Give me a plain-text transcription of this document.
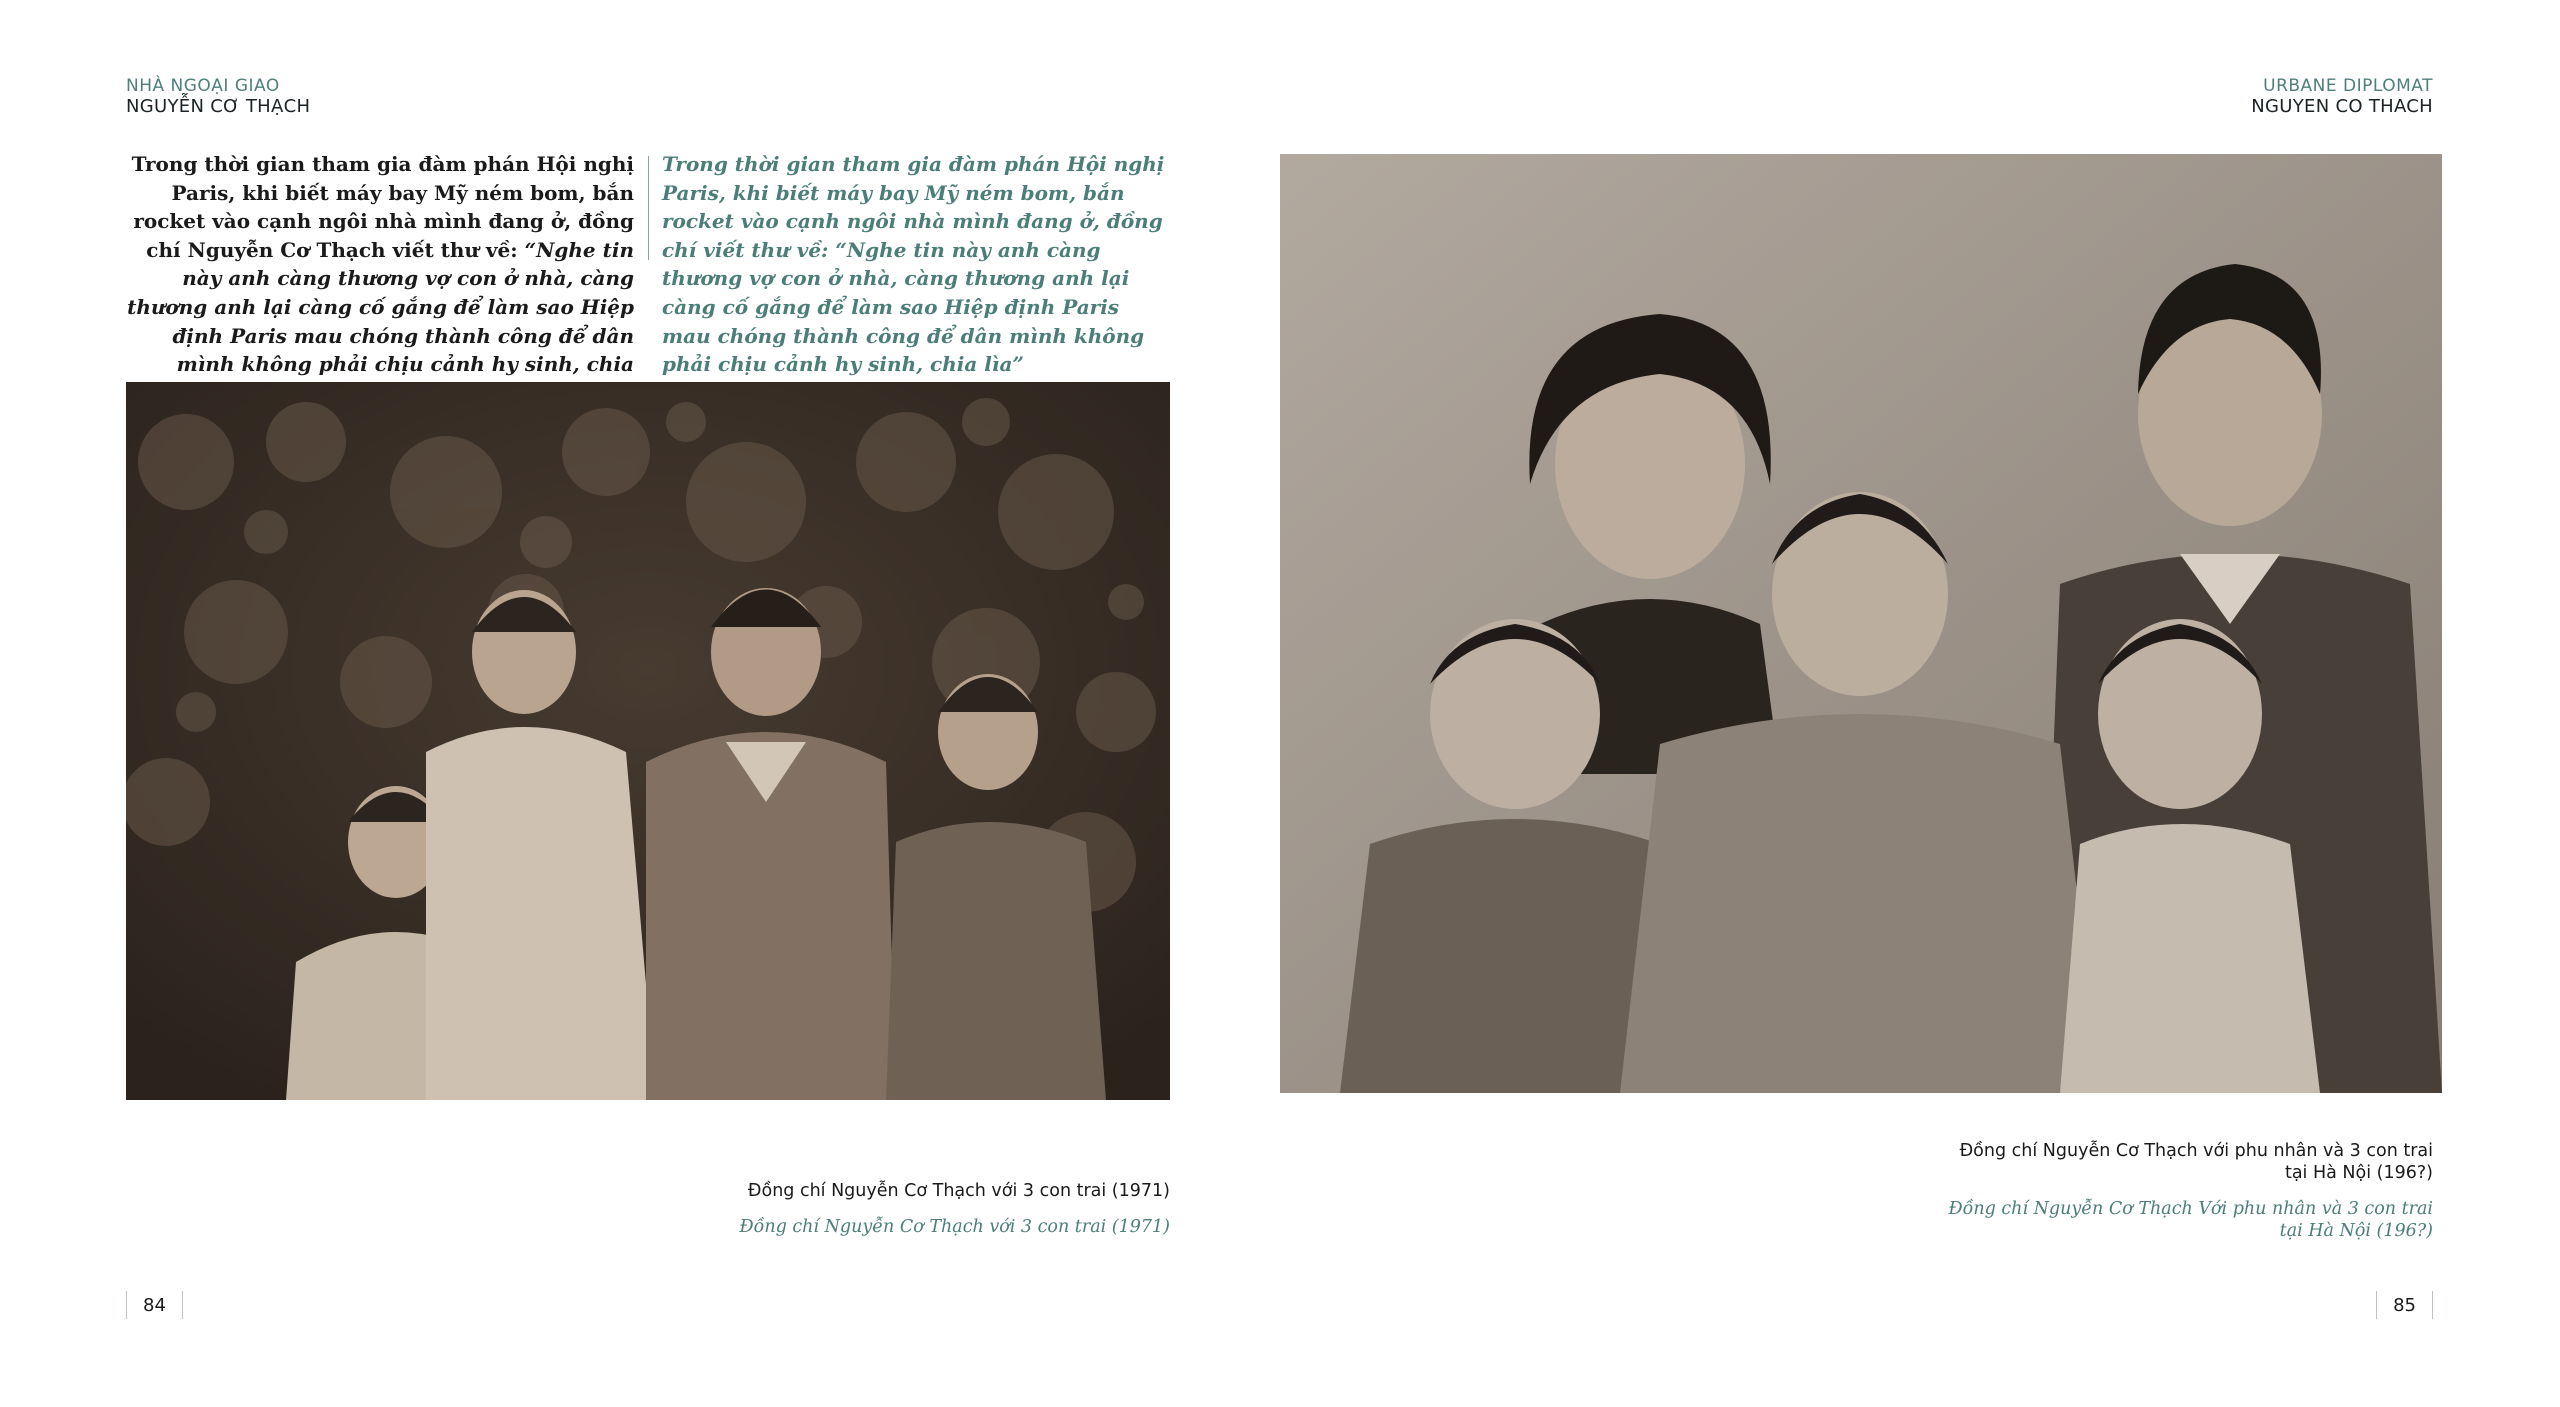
NHÀ NGOẠI GIAO
NGUYỄN CƠ THẠCH
Trong thời gian tham gia đàm phán Hội nghị Paris, khi biết máy bay Mỹ ném bom, bắn rocket vào cạnh ngôi nhà mình đang ở, đồng chí Nguyễn Cơ Thạch viết thư về: “Nghe tin này anh càng thương vợ con ở nhà, càng thương anh lại càng cố gắng để làm sao Hiệp định Paris mau chóng thành công để dân mình không phải chịu cảnh hy sinh, chia
Trong thời gian tham gia đàm phán Hội nghị Paris, khi biết máy bay Mỹ ném bom, bắn rocket vào cạnh ngôi nhà mình đang ở, đồng chí viết thư về: “Nghe tin này anh càng thương vợ con ở nhà, càng thương anh lại càng cố gắng để làm sao Hiệp định Paris mau chóng thành công để dân mình không phải chịu cảnh hy sinh, chia lìa”
Đồng chí Nguyễn Cơ Thạch với 3 con trai (1971)
Đồng chí Nguyễn Cơ Thạch với 3 con trai (1971)
84
URBANE DIPLOMAT
NGUYEN CO THACH
Đồng chí Nguyễn Cơ Thạch với phu nhân và 3 con trai
tại Hà Nội (196?)
Đồng chí Nguyễn Cơ Thạch Với phu nhân và 3 con trai
tại Hà Nội (196?)
85
